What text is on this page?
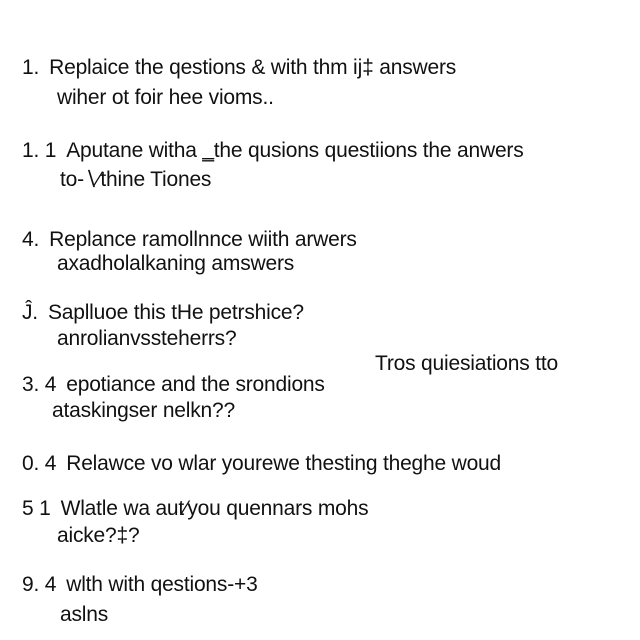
1. Replaice the qestions & with thm ĳ‡ answers
wiher ot foir hee vioms..
1. 1 Aputane witha ‗the qusions questiions the anwers
to-∖⁄thine Tiones
4. Replance ramollnnce wiith arwers
axadholalkaning amswers
Ĵ. Saplluoe this tHe petrshice?
anrolianvssteherrs?
Tros quiesiations tto
3. 4 epotiance and the srondions
ataskingser nelkn??
0. 4 Relawce vo wlar yourewe thesting theghe woud
5 1 Wlatle wa aut⁄you quennars mohs
aicke?‡?
9. 4 wlth with qestions-+3
aslns
